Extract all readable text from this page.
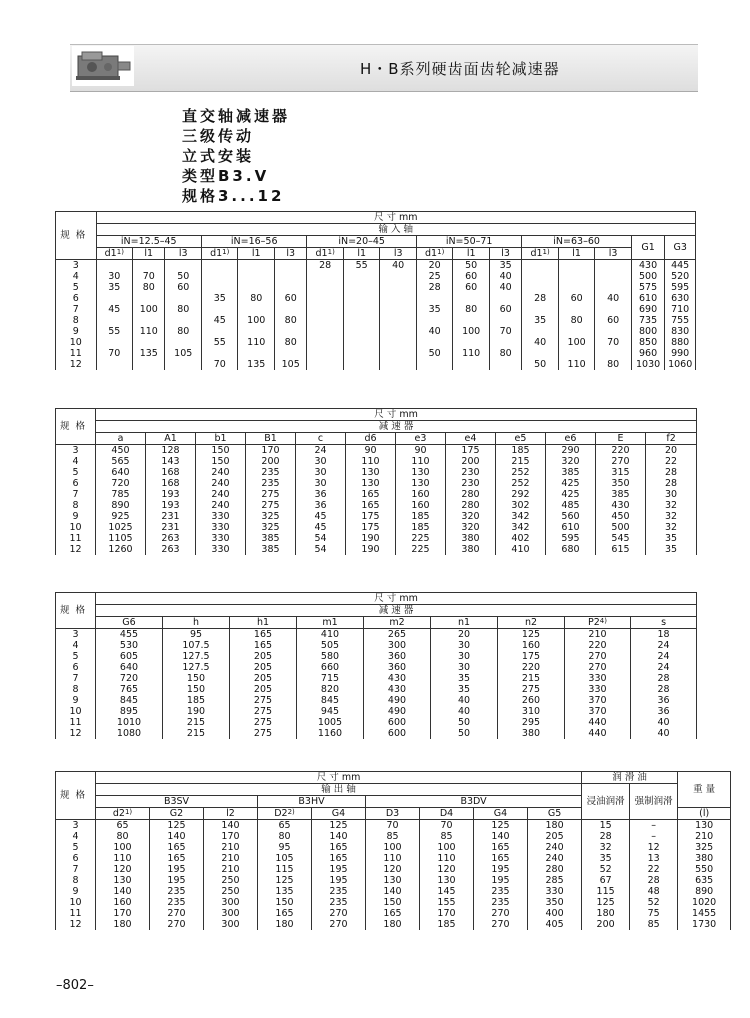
H・B系列硬齿面齿轮减速器
直交轴减速器
三级传动
立式安装
类型B3.V
规格3...12
规格	尺 寸 mm																
	输 入 轴																
	iN=12.5–45			iN=16–56			iN=20–45			iN=50–71			iN=63–60			G1	G3
	d1$^{1)}$	l1	l3	d1$^{1)}$	l1	l3	d1$^{1)}$	l1	l3	d1$^{1)}$	l1	l3	d1$^{1)}$	l1	l3		
3							28	55	40	20	50	35				430	445
4	30	70	50							25	60	40				500	520
5	35	80	60							28	60	40				575	595
6				35	80	60							28	60	40	610	630
7	45	100	80							35	80	60				690	710
8				45	100	80							35	80	60	735	755
9	55	110	80							40	100	70				800	830
10				55	110	80							40	100	70	850	880
11	70	135	105							50	110	80				960	990
12				70	135	105							50	110	80	1030	1060
规格	尺 寸 mm											
	减 速 器											
	a	A1	b1	B1	c	d6	e3	e4	e5	e6	E	f2
3	450	128	150	170	24	90	90	175	185	290	220	20
4	565	143	150	200	30	110	110	200	215	320	270	22
5	640	168	240	235	30	130	130	230	252	385	315	28
6	720	168	240	235	30	130	130	230	252	425	350	28
7	785	193	240	275	36	165	160	280	292	425	385	30
8	890	193	240	275	36	165	160	280	302	485	430	32
9	925	231	330	325	45	175	185	320	342	560	450	32
10	1025	231	330	325	45	175	185	320	342	610	500	32
11	1105	263	330	385	54	190	225	380	402	595	545	35
12	1260	263	330	385	54	190	225	380	410	680	615	35
规格	尺 寸 mm								
	减 速 器								
	G6	h	h1	m1	m2	n1	n2	P2$^{4)}$	s
3	455	95	165	410	265	20	125	210	18
4	530	107.5	165	505	300	30	160	220	24
5	605	127.5	205	580	360	30	175	270	24
6	640	127.5	205	660	360	30	220	270	24
7	720	150	205	715	430	35	215	330	28
8	765	150	205	820	430	35	275	330	28
9	845	185	275	845	490	40	260	370	36
10	895	190	275	945	490	40	310	370	36
11	1010	215	275	1005	600	50	295	440	40
12	1080	215	275	1160	600	50	380	440	40
规格	尺 寸 mm									润 滑 油		重 量	
	输 出 轴									浸油润滑	强制润滑		
	B3SV			B3HV		B3DV							
	d2$^{1)}$	G2	l2	D2$^{2)}$	G4	D3	D4	G4	G5			(l)		
3	65	125	140	65	125	70	70	125	180	15	–	130	
4	80	140	170	80	140	85	85	140	205	28	–	210	
5	100	165	210	95	165	100	100	165	240	32	12	325	
6	110	165	210	105	165	110	110	165	240	35	13	380	
7	120	195	210	115	195	120	120	195	280	52	22	550	
8	130	195	250	125	195	130	130	195	285	67	28	635	
9	140	235	250	135	235	140	145	235	330	115	48	890	
10	160	235	300	150	235	150	155	235	350	125	52	1020	
11	170	270	300	165	270	165	170	270	400	180	75	1455	
12	180	270	300	180	270	180	185	270	405	200	85	1730	
–802–
